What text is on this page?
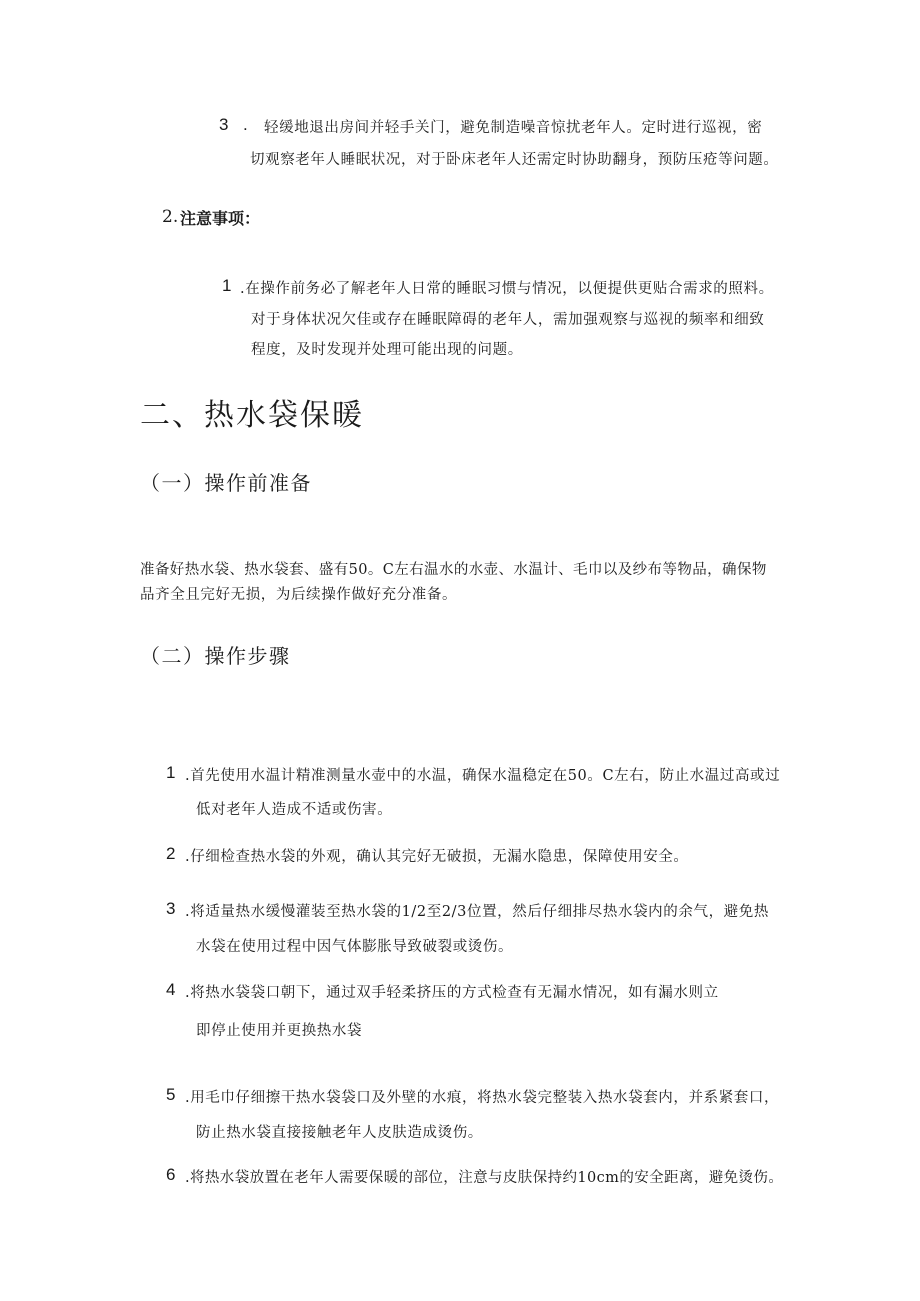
3 . 轻缓地退出房间并轻手关门，避免制造噪音惊扰老年人。定时进行巡视，密
切观察老年人睡眠状况，对于卧床老年人还需定时协助翻身，预防压疮等问题。
2. 注意事项：
1 .在操作前务必了解老年人日常的睡眠习惯与情况，以便提供更贴合需求的照料。
对于身体状况欠佳或存在睡眠障碍的老年人，需加强观察与巡视的频率和细致
程度，及时发现并处理可能出现的问题。
二、热水袋保暖
（一）操作前准备
准备好热水袋、热水袋套、盛有50。C左右温水的水壶、水温计、毛巾以及纱布等物品，确保物
品齐全且完好无损，为后续操作做好充分准备。
（二）操作步骤
1 .首先使用水温计精准测量水壶中的水温，确保水温稳定在50。C左右，防止水温过高或过
低对老年人造成不适或伤害。
2 .仔细检查热水袋的外观，确认其完好无破损，无漏水隐患，保障使用安全。
3 .将适量热水缓慢灌装至热水袋的1/2至2/3位置，然后仔细排尽热水袋内的余气，避免热
水袋在使用过程中因气体膨胀导致破裂或烫伤。
4 .将热水袋袋口朝下，通过双手轻柔挤压的方式检查有无漏水情况，如有漏水则立
即停止使用并更换热水袋
5 .用毛巾仔细擦干热水袋袋口及外壁的水痕，将热水袋完整装入热水袋套内，并系紧套口，
防止热水袋直接接触老年人皮肤造成烫伤。
6 .将热水袋放置在老年人需要保暖的部位，注意与皮肤保持约10cm的安全距离，避免烫伤。
